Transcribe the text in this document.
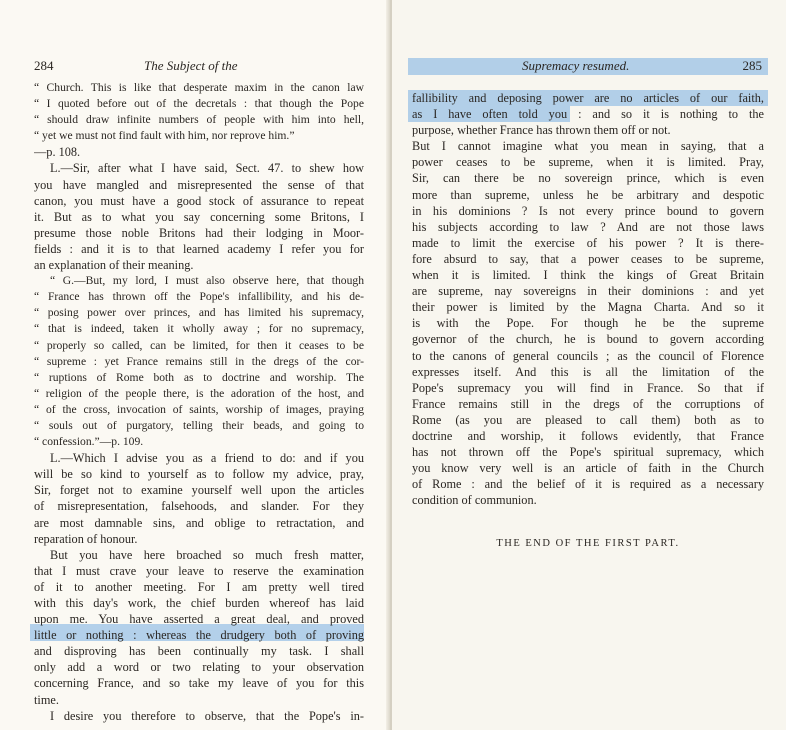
284	The Subject of the
“ Church. This is like that desperate maxim in the canon law
“ I quoted before out of the decretals : that though the Pope
“ should draw infinite numbers of people with him into hell,
“ yet we must not find fault with him, nor reprove him.”
—p. 108.
L.—Sir, after what I have said, Sect. 47. to shew how
you have mangled and misrepresented the sense of that
canon, you must have a good stock of assurance to repeat
it. But as to what you say concerning some Britons, I
presume those noble Britons had their lodging in Moor-
fields : and it is to that learned academy I refer you for
an explanation of their meaning.
“ G.—But, my lord, I must also observe here, that though
“ France has thrown off the Pope's infallibility, and his de-
“ posing power over princes, and has limited his supremacy,
“ that is indeed, taken it wholly away ; for no supremacy,
“ properly so called, can be limited, for then it ceases to be
“ supreme : yet France remains still in the dregs of the cor-
“ ruptions of Rome both as to doctrine and worship. The
“ religion of the people there, is the adoration of the host, and
“ of the cross, invocation of saints, worship of images, praying
“ souls out of purgatory, telling their beads, and going to
“ confession.”—p. 109.
L.—Which I advise you as a friend to do: and if you
will be so kind to yourself as to follow my advice, pray,
Sir, forget not to examine yourself well upon the articles
of misrepresentation, falsehoods, and slander. For they
are most damnable sins, and oblige to retractation, and
reparation of honour.
But you have here broached so much fresh matter,
that I must crave your leave to reserve the examination
of it to another meeting. For I am pretty well tired
with this day's work, the chief burden whereof has laid
upon me. You have asserted a great deal, and proved
little or nothing : whereas the drudgery both of proving
and disproving has been continually my task. I shall
only add a word or two relating to your observation
concerning France, and so take my leave of you for this
time.
I desire you therefore to observe, that the Pope's in-
Supremacy resumed.	285
fallibility and deposing power are no articles of our faith,
as I have often told you : and so it is nothing to the
purpose, whether France has thrown them off or not.
But I cannot imagine what you mean in saying, that a
power ceases to be supreme, when it is limited. Pray,
Sir, can there be no sovereign prince, which is even
more than supreme, unless he be arbitrary and despotic
in his dominions ? Is not every prince bound to govern
his subjects according to law ? And are not those laws
made to limit the exercise of his power ? It is there-
fore absurd to say, that a power ceases to be supreme,
when it is limited. I think the kings of Great Britain
are supreme, nay sovereigns in their dominions : and yet
their power is limited by the Magna Charta. And so it
is with the Pope. For though he be the supreme
governor of the church, he is bound to govern according
to the canons of general councils ; as the council of Florence
expresses itself. And this is all the limitation of the
Pope's supremacy you will find in France. So that if
France remains still in the dregs of the corruptions of
Rome (as you are pleased to call them) both as to
doctrine and worship, it follows evidently, that France
has not thrown off the Pope's spiritual supremacy, which
you know very well is an article of faith in the Church
of Rome : and the belief of it is required as a necessary
condition of communion.
THE END OF THE FIRST PART.
